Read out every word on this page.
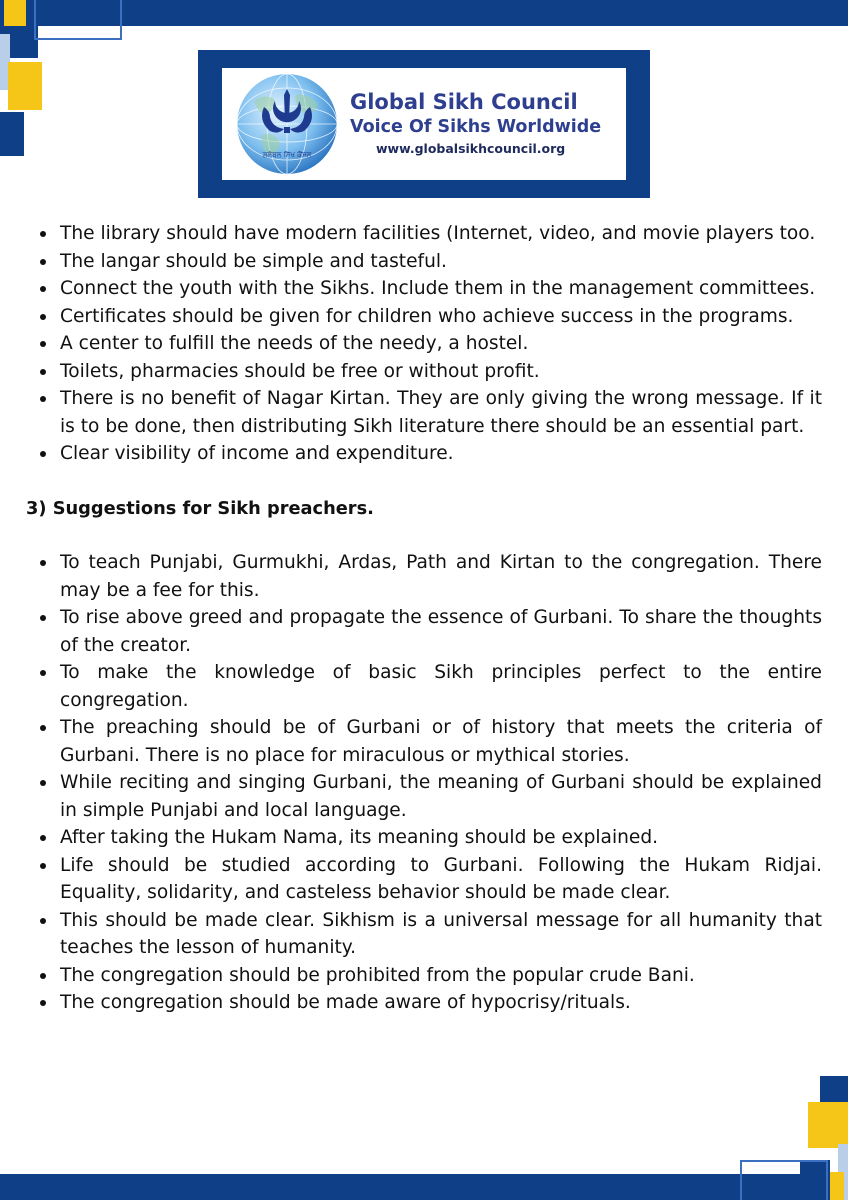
ਗਲੋਬਲ ਸਿੱਖ ਕੌਂਸਲ
Global Sikh Council
Voice Of Sikhs Worldwide
www.globalsikhcouncil.org
The library should have modern facilities (Internet, video, and movie players too.
The langar should be simple and tasteful.
Connect the youth with the Sikhs. Include them in the management committees.
Certificates should be given for children who achieve success in the programs.
A center to fulfill the needs of the needy, a hostel.
Toilets, pharmacies should be free or without profit.
There is no benefit of Nagar Kirtan. They are only giving the wrong message. If it is to be done, then distributing Sikh literature there should be an essential part.
Clear visibility of income and expenditure.
3) Suggestions for Sikh preachers.
To teach Punjabi, Gurmukhi, Ardas, Path and Kirtan to the congregation. There may be a fee for this.
To rise above greed and propagate the essence of Gurbani. To share the thoughts of the creator.
To make the knowledge of basic Sikh principles perfect to the entire congregation.
The preaching should be of Gurbani or of history that meets the criteria of Gurbani. There is no place for miraculous or mythical stories.
While reciting and singing Gurbani, the meaning of Gurbani should be explained in simple Punjabi and local language.
After taking the Hukam Nama, its meaning should be explained.
Life should be studied according to Gurbani. Following the Hukam Ridjai. Equality, solidarity, and casteless behavior should be made clear.
This should be made clear. Sikhism is a universal message for all humanity that teaches the lesson of humanity.
The congregation should be prohibited from the popular crude Bani.
The congregation should be made aware of hypocrisy/rituals.
